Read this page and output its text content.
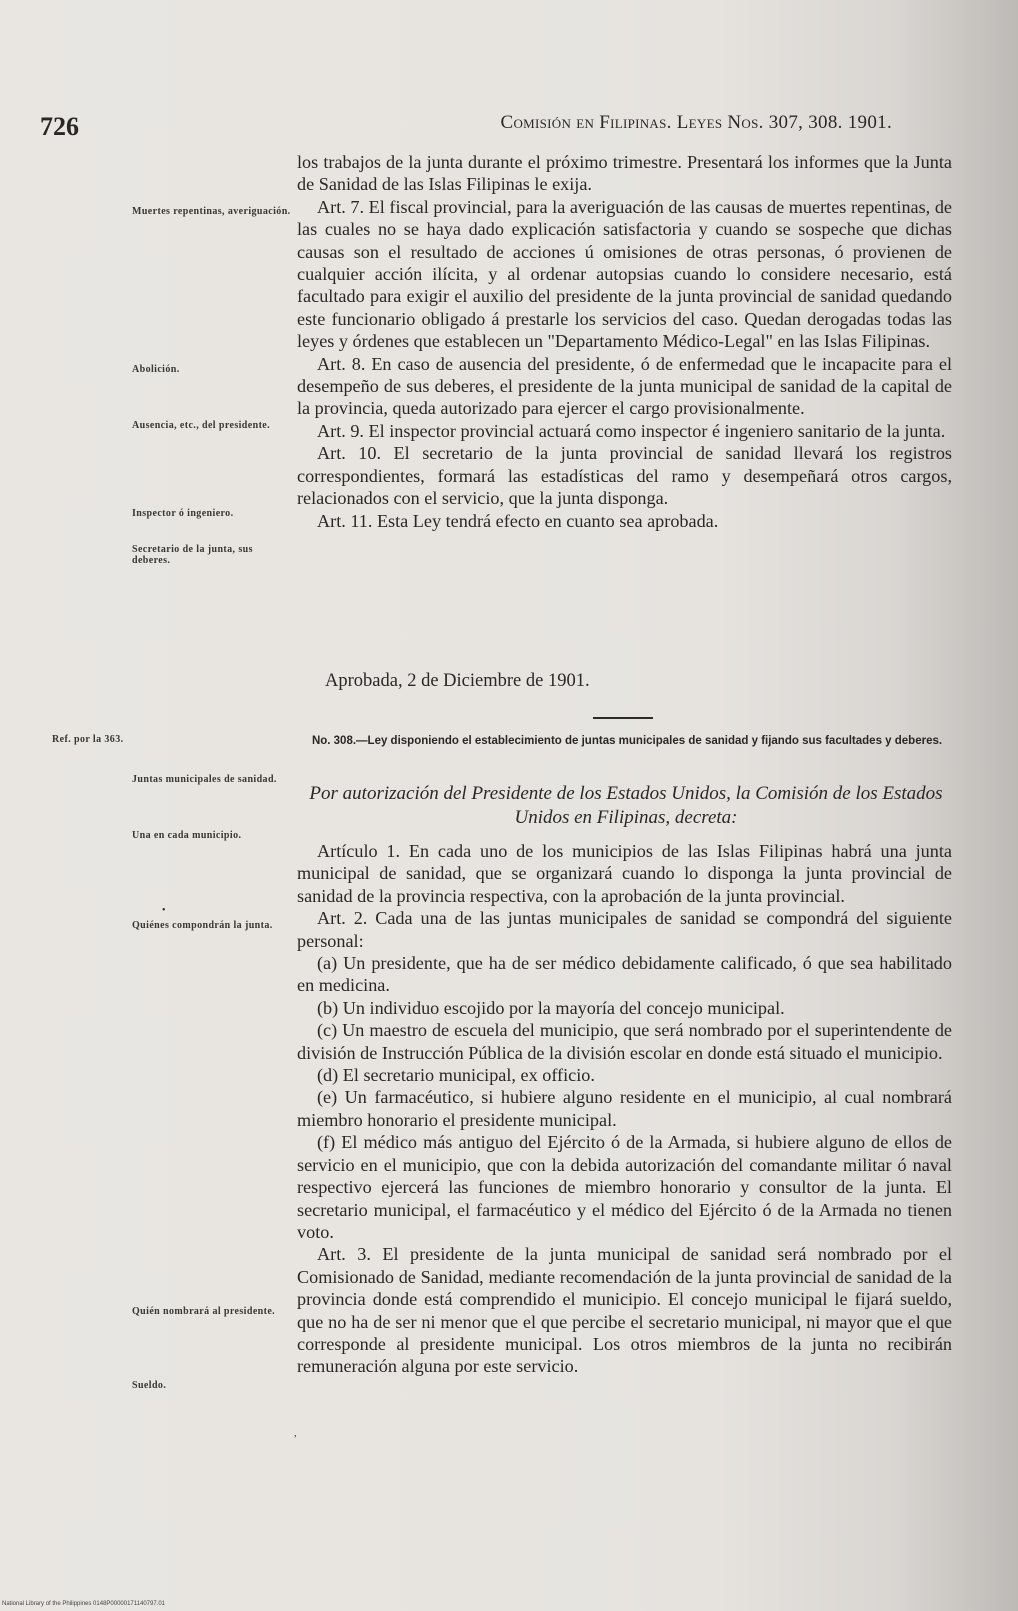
726	Comisión en Filipinas. Leyes Nos. 307, 308. 1901.
Muertes repentinas, averiguación.
Abolición.
Ausencia, etc., del presidente.
Inspector ó ingeniero.
Secretario de la junta, sus deberes.
Ref. por la 363.
Juntas municipales de sanidad.
Una en cada municipio.
Quiénes compondrán la junta.
Quién nombrará al presidente.
Sueldo.
•
,

los trabajos de la junta durante el próximo trimestre. Presentará los informes que la Junta de Sanidad de las Islas Filipinas le exija.

Art. 7. El fiscal provincial, para la averiguación de las causas de muertes repentinas, de las cuales no se haya dado explicación satisfactoria y cuando se sospeche que dichas causas son el resultado de acciones ú omisiones de otras personas, ó provienen de cualquier acción ilícita, y al ordenar autopsias cuando lo considere necesario, está facultado para exigir el auxilio del presidente de la junta provincial de sanidad quedando este funcionario obligado á prestarle los servicios del caso. Quedan derogadas todas las leyes y órdenes que establecen un "Departamento Médico-Legal" en las Islas Filipinas.

Art. 8. En caso de ausencia del presidente, ó de enfermedad que le incapacite para el desempeño de sus deberes, el presidente de la junta municipal de sanidad de la capital de la provincia, queda autorizado para ejercer el cargo provisionalmente.

Art. 9. El inspector provincial actuará como inspector é ingeniero sanitario de la junta.

Art. 10. El secretario de la junta provincial de sanidad llevará los registros correspondientes, formará las estadísticas del ramo y desempeñará otros cargos, relacionados con el servicio, que la junta disponga.

Art. 11. Esta Ley tendrá efecto en cuanto sea aprobada.

Aprobada, 2 de Diciembre de 1901.
No. 308.—Ley disponiendo el establecimiento de juntas municipales de sanidad y fijando sus facultades y deberes.
Por autorización del Presidente de los Estados Unidos, la Comisión de los Estados Unidos en Filipinas, decreta:

Artículo 1. En cada uno de los municipios de las Islas Filipinas habrá una junta municipal de sanidad, que se organizará cuando lo disponga la junta provincial de sanidad de la provincia respectiva, con la aprobación de la junta provincial.

Art. 2. Cada una de las juntas municipales de sanidad se compondrá del siguiente personal:

(a) Un presidente, que ha de ser médico debidamente calificado, ó que sea habilitado en medicina.

(b) Un individuo escojido por la mayoría del concejo municipal.

(c) Un maestro de escuela del municipio, que será nombrado por el superintendente de división de Instrucción Pública de la división escolar en donde está situado el municipio.

(d) El secretario municipal, ex officio.

(e) Un farmacéutico, si hubiere alguno residente en el municipio, al cual nombrará miembro honorario el presidente municipal.

(f) El médico más antiguo del Ejército ó de la Armada, si hubiere alguno de ellos de servicio en el municipio, que con la debida autorización del comandante militar ó naval respectivo ejercerá las funciones de miembro honorario y consultor de la junta. El secretario municipal, el farmacéutico y el médico del Ejército ó de la Armada no tienen voto.

Art. 3. El presidente de la junta municipal de sanidad será nombrado por el Comisionado de Sanidad, mediante recomendación de la junta provincial de sanidad de la provincia donde está comprendido el municipio. El concejo municipal le fijará sueldo, que no ha de ser ni menor que el que percibe el secretario municipal, ni mayor que el que corresponde al presidente municipal. Los otros miembros de la junta no recibirán remuneración alguna por este servicio.

National Library of the Philippines 0148P00000171140797.01
